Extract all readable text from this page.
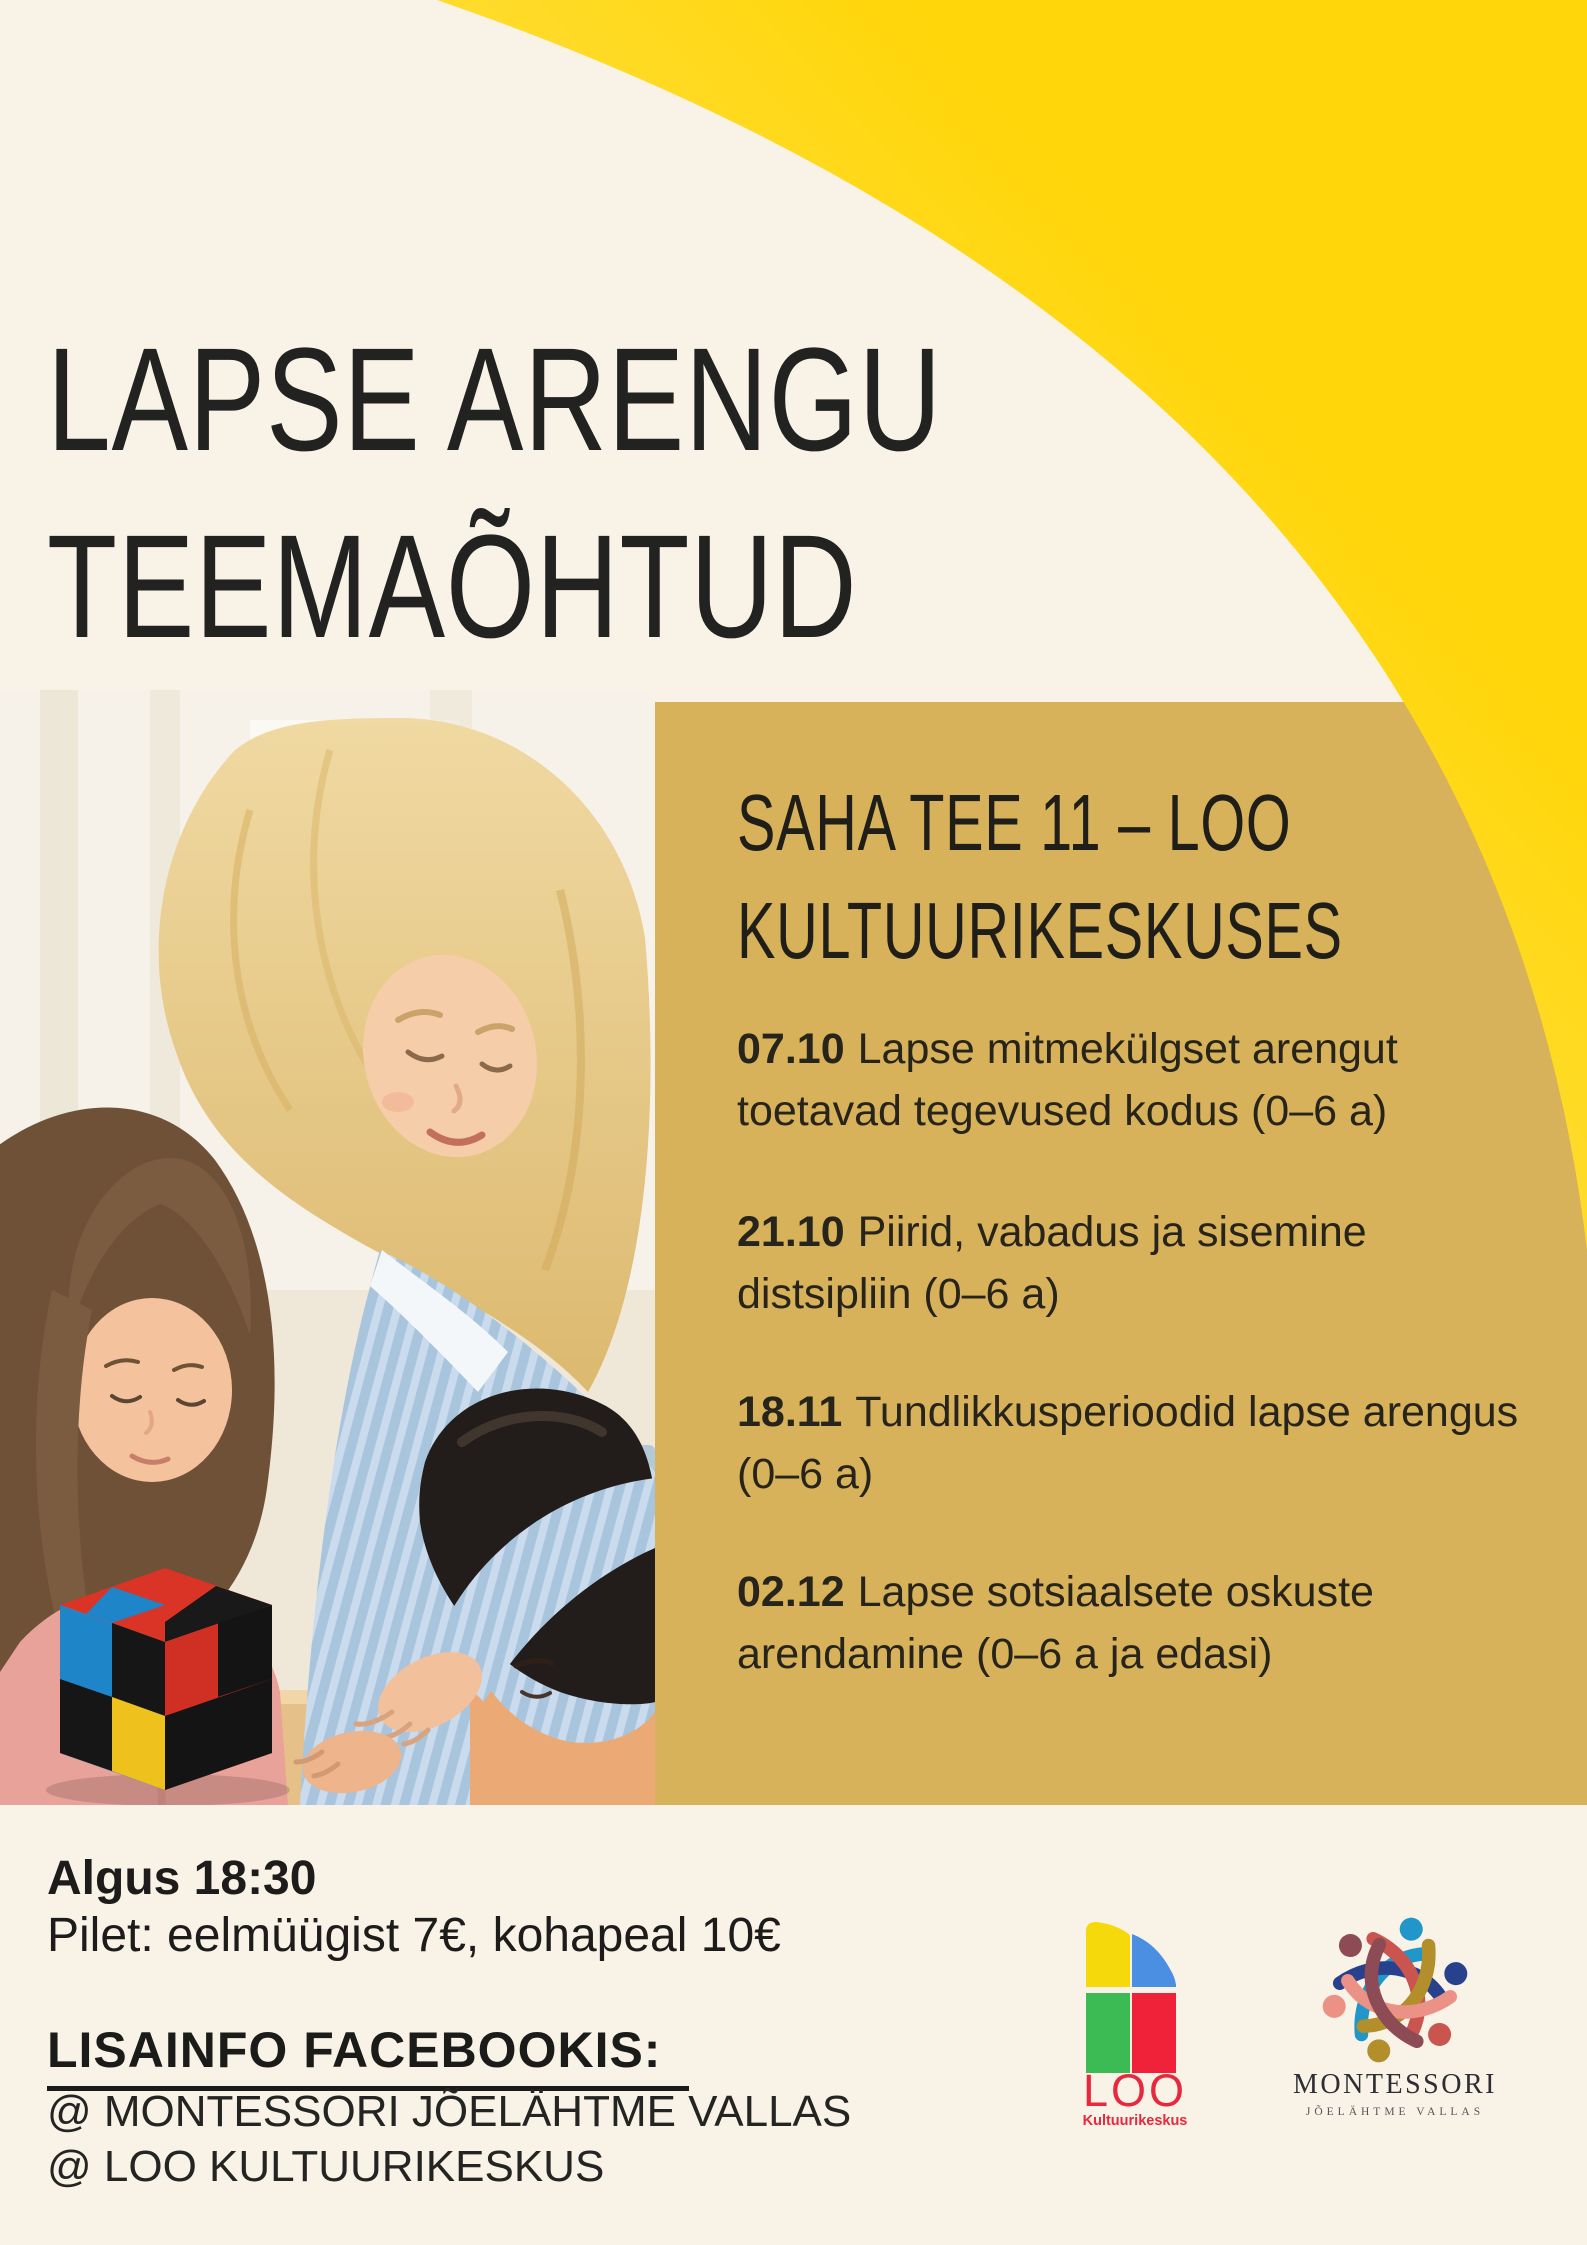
LAPSE ARENGU
TEEMAÕHTUD
SAHA TEE 11 – LOO
KULTUURIKESKUSES
07.10 Lapse mitmekülgset arengut toetavad tegevused kodus (0–6 a)
21.10 Piirid, vabadus ja sisemine distsipliin (0–6 a)
18.11 Tundlikkusperioodid lapse arengus (0–6 a)
02.12 Lapse sotsiaalsete oskuste arendamine (0–6 a ja edasi)
Algus 18:30
Pilet: eelmüügist 7€, kohapeal 10€
LISAINFO FACEBOOKIS:
@ MONTESSORI JÕELÄHTME VALLAS
@ LOO KULTUURIKESKUS
LOO
Kultuurikeskus
MONTESSORI
JÕELÄHTME VALLAS
